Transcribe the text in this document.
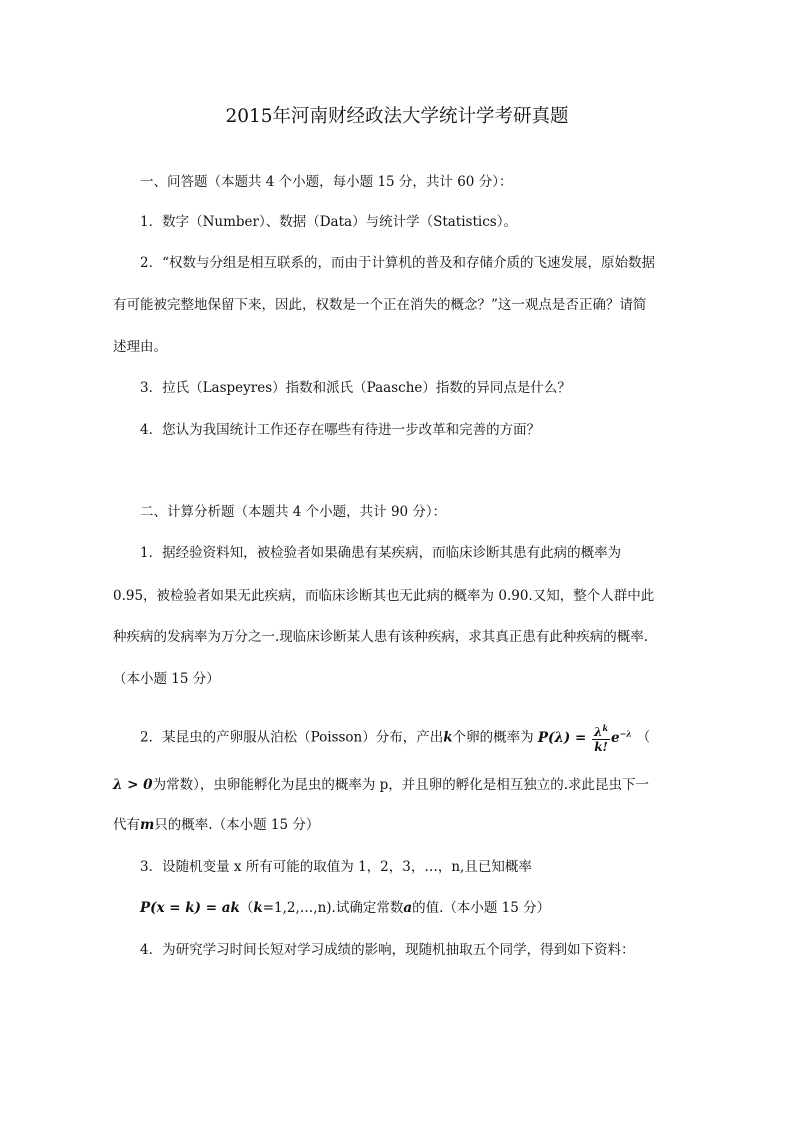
2015年河南财经政法大学统计学考研真题
一、问答题（本题共 4 个小题，每小题 15 分，共计 60 分）：
1．数字（Number）、数据（Data）与统计学（Statistics）。
2．“权数与分组是相互联系的，而由于计算机的普及和存储介质的飞速发展，原始数据
有可能被完整地保留下来，因此，权数是一个正在消失的概念？”这一观点是否正确？请简
述理由。
3．拉氏（Laspeyres）指数和派氏（Paasche）指数的异同点是什么？
4．您认为我国统计工作还存在哪些有待进一步改革和完善的方面？
二、计算分析题（本题共 4 个小题，共计 90 分）：
1．据经验资料知，被检验者如果确患有某疾病，而临床诊断其患有此病的概率为
0.95，被检验者如果无此疾病，而临床诊断其也无此病的概率为 0.90.又知，整个人群中此
种疾病的发病率为万分之一.现临床诊断某人患有该种疾病，求其真正患有此种疾病的概率.
（本小题 15 分）
2．某昆虫的产卵服从泊松（Poisson）分布，产出k个卵的概率为 $P(\lambda) = \frac{\lambda^k}{k!} e^{-\lambda}$ （
λ > 0为常数），虫卵能孵化为昆虫的概率为 p，并且卵的孵化是相互独立的.求此昆虫下一
代有m只的概率.（本小题 15 分）
3．设随机变量 x 所有可能的取值为 1，2，3，…，n,且已知概率
P(x = k) = ak（k=1,2,…,n).试确定常数a的值.（本小题 15 分）
4．为研究学习时间长短对学习成绩的影响，现随机抽取五个同学，得到如下资料：
